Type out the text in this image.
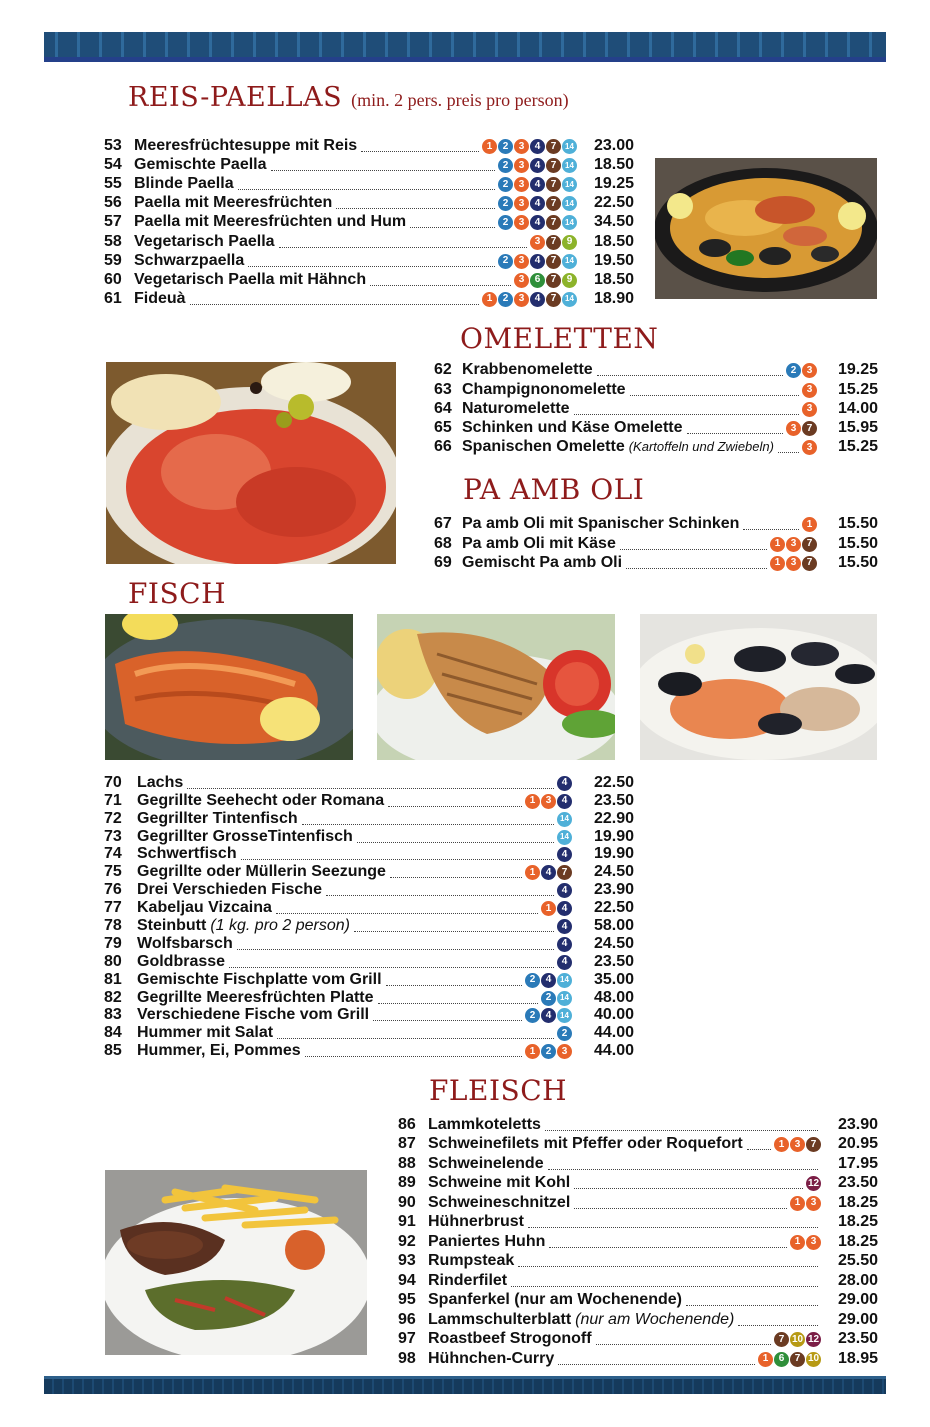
REIS-PAELLAS (min. 2 pers. preis pro person)
53 Meeresfrüchtesuppe mit Reis	1	2	3	4	7	14	23.00
54 Gemischte Paella	2	3	4	7	14	18.50
55 Blinde Paella	2	3	4	7	14	19.25
56 Paella mit Meeresfrüchten	2	3	4	7	14	22.50
57 Paella mit Meeresfrüchten und Hum	2	3	4	7	14	34.50
58 Vegetarisch Paella	3	7	9	18.50
59 Schwarzpaella	2	3	4	7	14	19.50
60 Vegetarisch Paella mit Hähnch	3	6	7	9	18.50
61 Fideuà	1	2	3	4	7	14	18.90
OMELETTEN
62 Krabbenomelette	2	3	19.25
63 Champignonomelette	3	15.25
64 Naturomelette	3	14.00
65 Schinken und Käse Omelette	3	7	15.95
66 Spanischen Omelette (Kartoffeln und Zwiebeln)	3	15.25
PA AMB OLI
67 Pa amb Oli mit Spanischer Schinken	1	15.50
68 Pa amb Oli mit Käse	1	3	7	15.50
69 Gemischt Pa amb Oli	1	3	7	15.50
FISCH
70 Lachs	4	22.50
71 Gegrillte Seehecht oder Romana	1	3	4	23.50
72 Gegrillter Tintenfisch	14	22.90
73 Gegrillter GrosseTintenfisch	14	19.90
74 Schwertfisch	4	19.90
75 Gegrillte oder Müllerin Seezunge	1	4	7	24.50
76 Drei Verschieden Fische	4	23.90
77 Kabeljau Vizcaina	1	4	22.50
78 Steinbutt (1 kg. pro 2 person)	4	58.00
79 Wolfsbarsch	4	24.50
80 Goldbrasse	4	23.50
81 Gemischte Fischplatte vom Grill	2	4	14	35.00
82 Gegrillte Meeresfrüchten Platte	2	14	48.00
83 Verschiedene Fische vom Grill	2	4	14	40.00
84 Hummer mit Salat	2	44.00
85 Hummer, Ei, Pommes	1	2	3	44.00
FLEISCH
86 Lammkoteletts	23.90
87 Schweinefilets mit Pfeffer oder Roquefort	1	3	7	20.95
88 Schweinelende	17.95
89 Schweine mit Kohl	12	23.50
90 Schweineschnitzel	1	3	18.25
91 Hühnerbrust	18.25
92 Paniertes Huhn	1	3	18.25
93 Rumpsteak	25.50
94 Rinderfilet	28.00
95 Spanferkel (nur am Wochenende)	29.00
96 Lammschulterblatt (nur am Wochenende)	29.00
97 Roastbeef Strogonoff	7 10 12	23.50
98 Hühnchen-Curry	1	6	7 10	18.95
